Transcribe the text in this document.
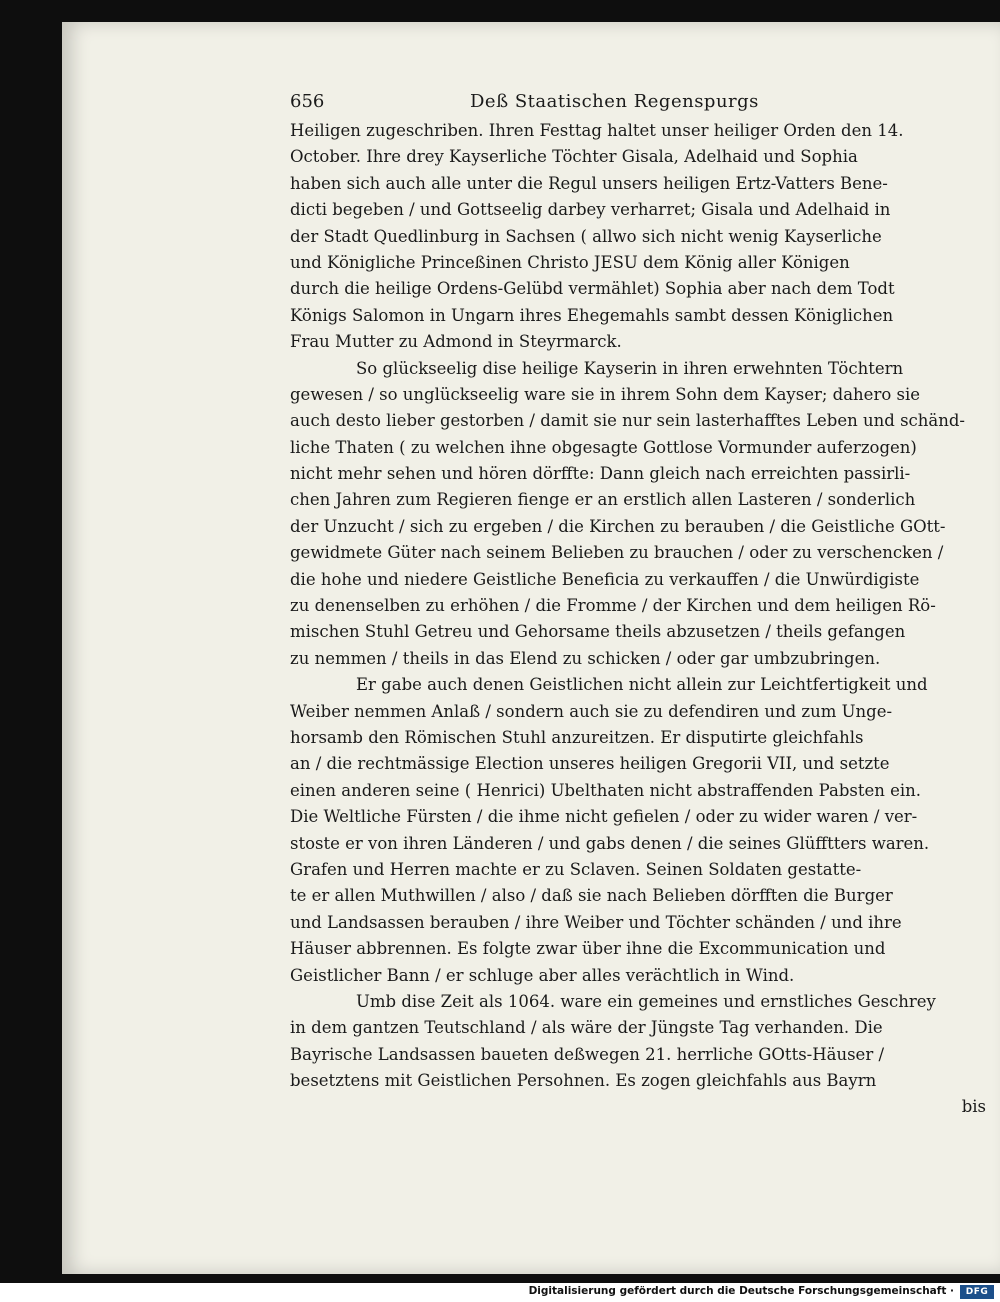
656	Deß Staatischen Regenspurgs
Heiligen zugeschriben. Ihren Festtag haltet unser heiliger Orden den 14.
October. Ihre drey Kayserliche Töchter Gisala, Adelhaid und Sophia
haben sich auch alle unter die Regul unsers heiligen Ertz-Vatters Bene-
dicti begeben / und Gottseelig darbey verharret; Gisala und Adelhaid in
der Stadt Quedlinburg in Sachsen ( allwo sich nicht wenig Kayserliche
und Königliche Princeßinen Christo JESU dem König aller Königen
durch die heilige Ordens-Gelübd vermählet) Sophia aber nach dem Todt
Königs Salomon in Ungarn ihres Ehegemahls sambt dessen Königlichen
Frau Mutter zu Admond in Steyrmarck.
So glückseelig dise heilige Kayserin in ihren erwehnten Töchtern
gewesen / so unglückseelig ware sie in ihrem Sohn dem Kayser; dahero sie
auch desto lieber gestorben / damit sie nur sein lasterhafftes Leben und schänd-
liche Thaten ( zu welchen ihne obgesagte Gottlose Vormunder auferzogen)
nicht mehr sehen und hören dörffte: Dann gleich nach erreichten passirli-
chen Jahren zum Regieren fienge er an erstlich allen Lasteren / sonderlich
der Unzucht / sich zu ergeben / die Kirchen zu berauben / die Geistliche GOtt-
gewidmete Güter nach seinem Belieben zu brauchen / oder zu verschencken /
die hohe und niedere Geistliche Beneficia zu verkauffen / die Unwürdigiste
zu denenselben zu erhöhen / die Fromme / der Kirchen und dem heiligen Rö-
mischen Stuhl Getreu und Gehorsame theils abzusetzen / theils gefangen
zu nemmen / theils in das Elend zu schicken / oder gar umbzubringen.
Er gabe auch denen Geistlichen nicht allein zur Leichtfertigkeit und
Weiber nemmen Anlaß / sondern auch sie zu defendiren und zum Unge-
horsamb den Römischen Stuhl anzureitzen. Er disputirte gleichfahls
an / die rechtmässige Election unseres heiligen Gregorii VII, und setzte
einen anderen seine ( Henrici) Ubelthaten nicht abstraffenden Pabsten ein.
Die Weltliche Fürsten / die ihme nicht gefielen / oder zu wider waren / ver-
stoste er von ihren Länderen / und gabs denen / die seines Glüfftters waren.
Grafen und Herren machte er zu Sclaven. Seinen Soldaten gestatte-
te er allen Muthwillen / also / daß sie nach Belieben dörfften die Burger
und Landsassen berauben / ihre Weiber und Töchter schänden / und ihre
Häuser abbrennen. Es folgte zwar über ihne die Excommunication und
Geistlicher Bann / er schluge aber alles verächtlich in Wind.
Umb dise Zeit als 1064. ware ein gemeines und ernstliches Geschrey
in dem gantzen Teutschland / als wäre der Jüngste Tag verhanden. Die
Bayrische Landsassen baueten deßwegen 21. herrliche GOtts-Häuser /
besetztens mit Geistlichen Persohnen. Es zogen gleichfahls aus Bayrn
bis
Digitalisierung gefördert durch die Deutsche Forschungsgemeinschaft ·	DFG
